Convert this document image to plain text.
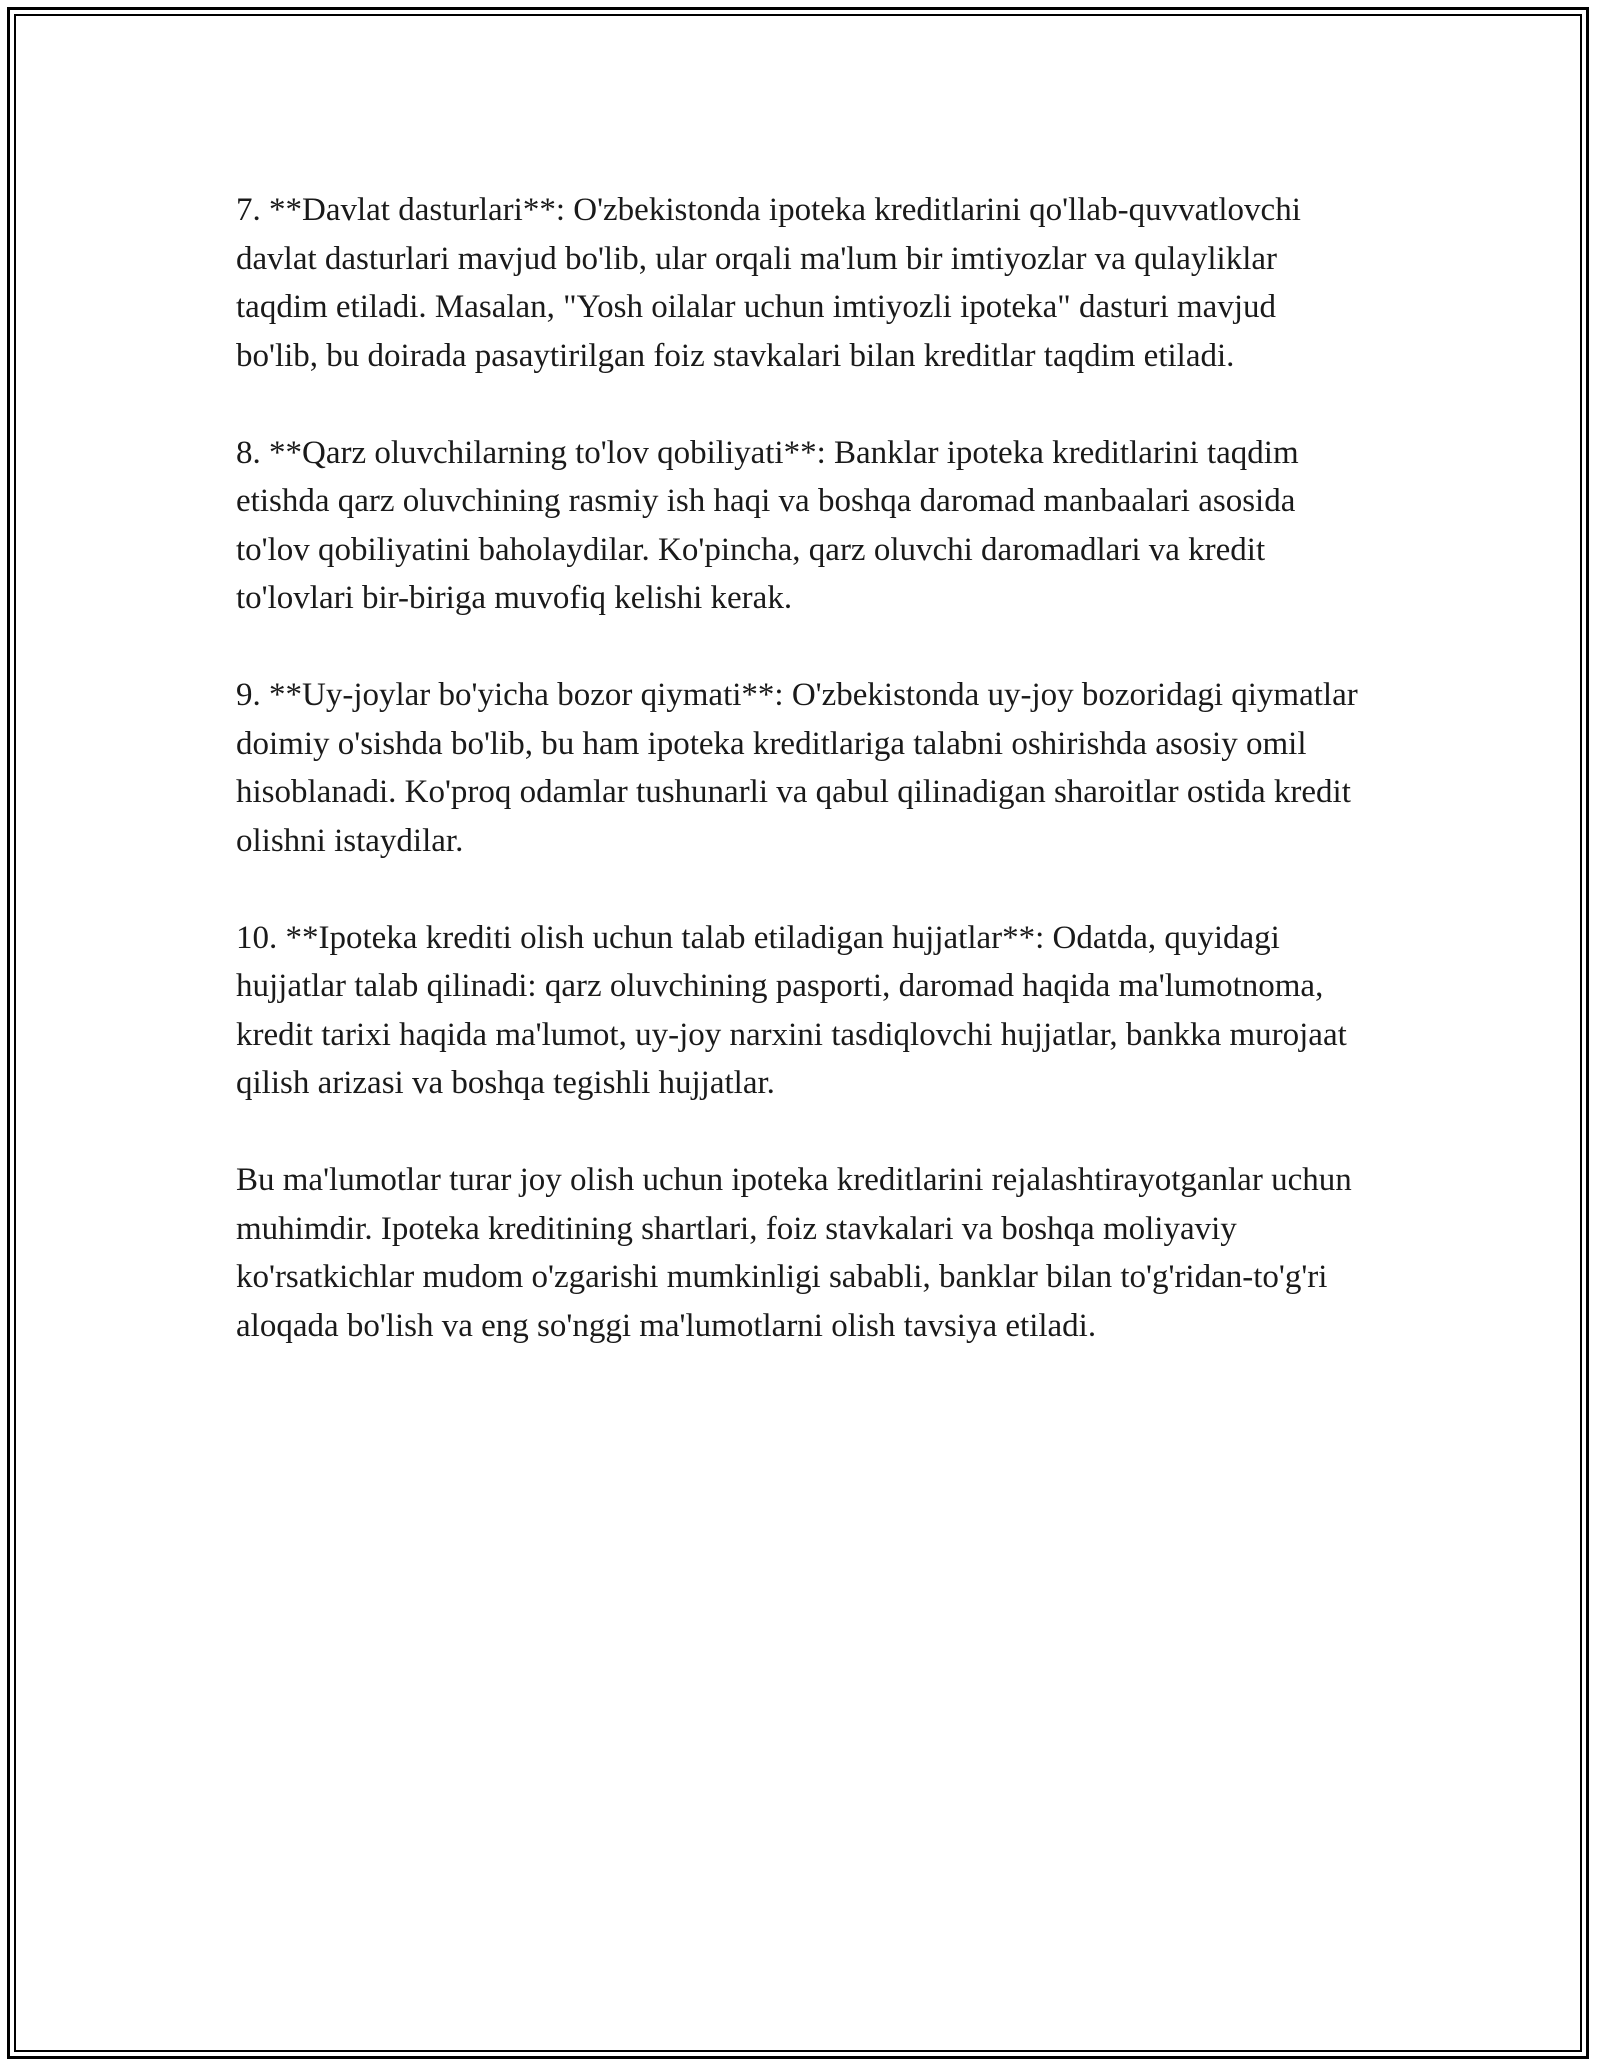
7. **Davlat dasturlari**: O'zbekistonda ipoteka kreditlarini qo'llab-quvvatlovchi davlat dasturlari mavjud bo'lib, ular orqali ma'lum bir imtiyozlar va qulayliklar taqdim etiladi. Masalan, "Yosh oilalar uchun imtiyozli ipoteka" dasturi mavjud bo'lib, bu doirada pasaytirilgan foiz stavkalari bilan kreditlar taqdim etiladi.

8. **Qarz oluvchilarning to'lov qobiliyati**: Banklar ipoteka kreditlarini taqdim etishda qarz oluvchining rasmiy ish haqi va boshqa daromad manbaalari asosida to'lov qobiliyatini baholaydilar. Ko'pincha, qarz oluvchi daromadlari va kredit to'lovlari bir-biriga muvofiq kelishi kerak.

9. **Uy-joylar bo'yicha bozor qiymati**: O'zbekistonda uy-joy bozoridagi qiymatlar doimiy o'sishda bo'lib, bu ham ipoteka kreditlariga talabni oshirishda asosiy omil hisoblanadi. Ko'proq odamlar tushunarli va qabul qilinadigan sharoitlar ostida kredit olishni istaydilar.

10. **Ipoteka krediti olish uchun talab etiladigan hujjatlar**: Odatda, quyidagi hujjatlar talab qilinadi: qarz oluvchining pasporti, daromad haqida ma'lumotnoma, kredit tarixi haqida ma'lumot, uy-joy narxini tasdiqlovchi hujjatlar, bankka murojaat qilish arizasi va boshqa tegishli hujjatlar.

Bu ma'lumotlar turar joy olish uchun ipoteka kreditlarini rejalashtirayotganlar uchun muhimdir. Ipoteka kreditining shartlari, foiz stavkalari va boshqa moliyaviy ko'rsatkichlar mudom o'zgarishi mumkinligi sababli, banklar bilan to'g'ridan-to'g'ri aloqada bo'lish va eng so'nggi ma'lumotlarni olish tavsiya etiladi.
